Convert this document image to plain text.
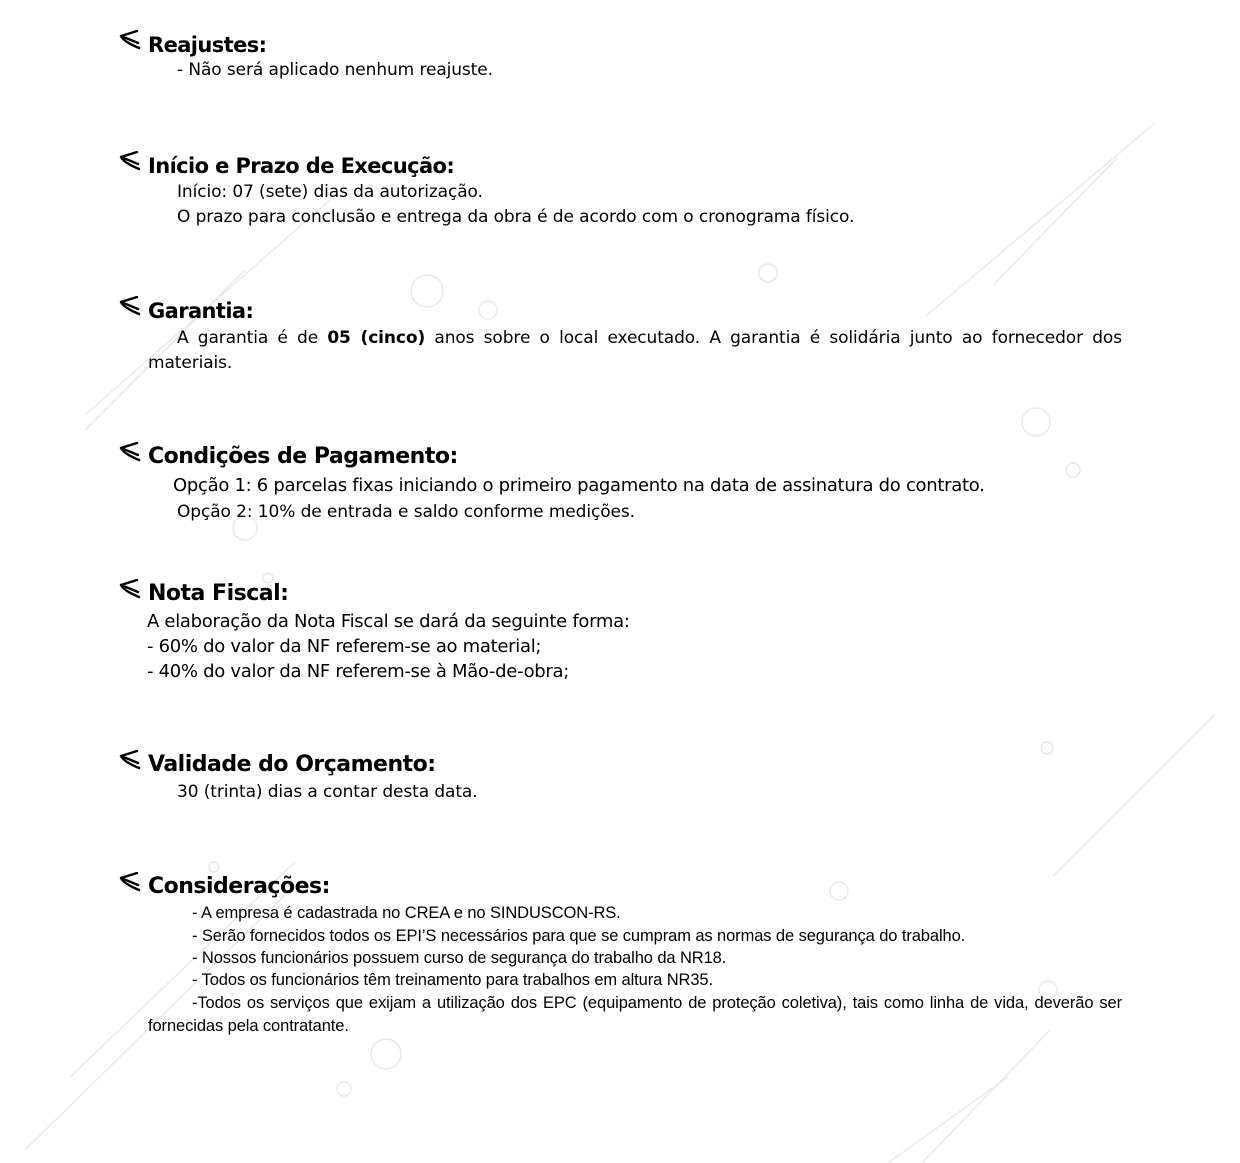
Reajustes:
- Não será aplicado nenhum reajuste.
Início e Prazo de Execução:
Início: 07 (sete) dias da autorização.
O prazo para conclusão e entrega da obra é de acordo com o cronograma físico.
Garantia:

A garantia é de 05 (cinco) anos sobre o local executado. A garantia é solidária junto ao fornecedor dos materiais.

Condições de Pagamento:
Opção 1: 6 parcelas fixas iniciando o primeiro pagamento na data de assinatura do contrato.
Opção 2: 10% de entrada e saldo conforme medições.
Nota Fiscal:
A elaboração da Nota Fiscal se dará da seguinte forma:
- 60% do valor da NF referem-se ao material;
- 40% do valor da NF referem-se à Mão-de-obra;
Validade do Orçamento:
30 (trinta) dias a contar desta data.
Considerações:
- A empresa é cadastrada no CREA e no SINDUSCON-RS.
- Serão fornecidos todos os EPI’S necessários para que se cumpram as normas de segurança do trabalho.
- Nossos funcionários possuem curso de segurança do trabalho da NR18.
- Todos os funcionários têm treinamento para trabalhos em altura NR35.

-Todos os serviços que exijam a utilização dos EPC (equipamento de proteção coletiva), tais como linha de vida, deverão ser fornecidas pela contratante.
